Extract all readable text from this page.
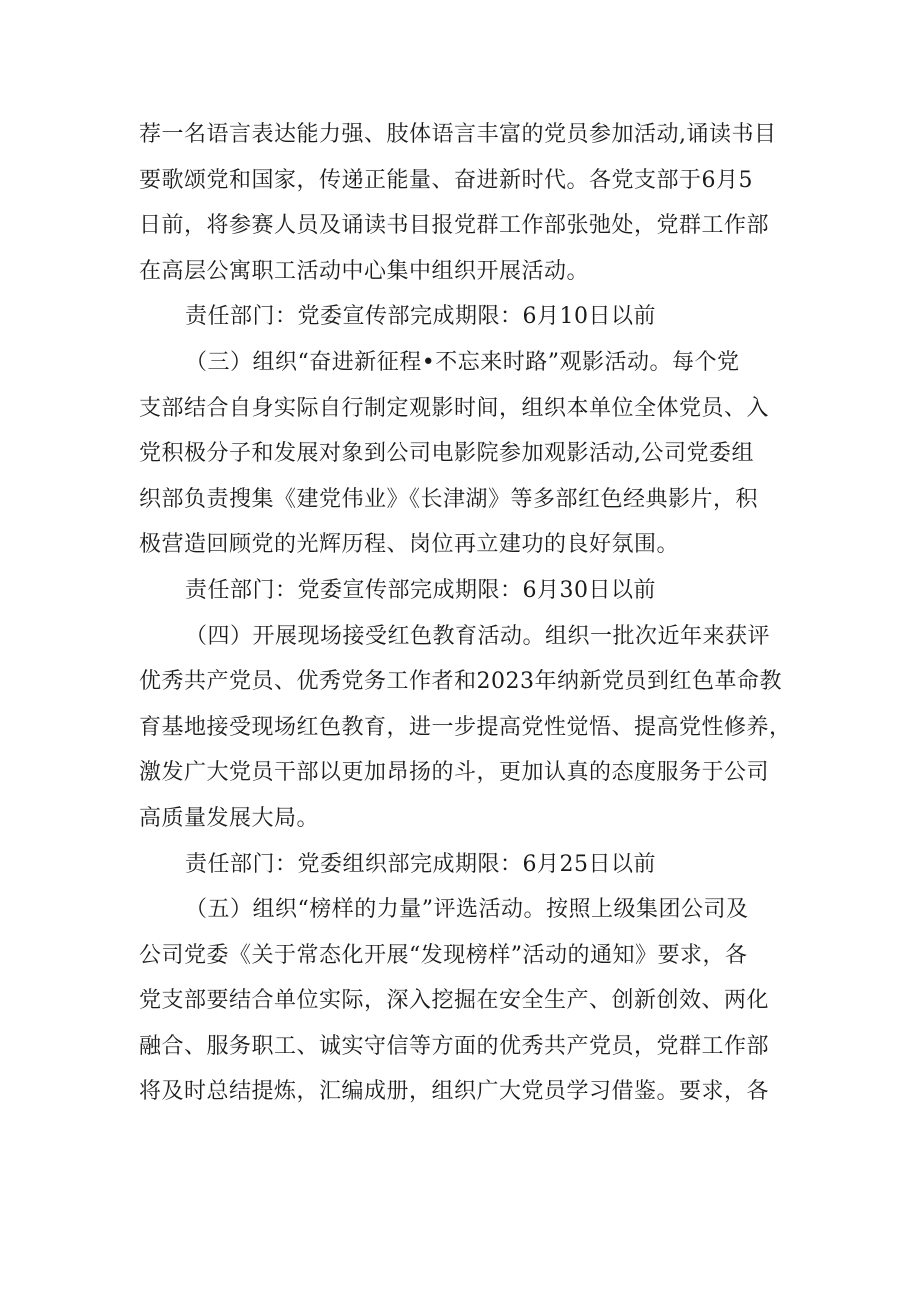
荐一名语言表达能力强、肢体语言丰富的党员参加活动,诵读书目
要歌颂党和国家，传递正能量、奋进新时代。各党支部于6月5
日前，将参赛人员及诵读书目报党群工作部张弛处，党群工作部
在高层公寓职工活动中心集中组织开展活动。
责任部门：党委宣传部完成期限：6月10日以前
（三）组织“奋进新征程•不忘来时路”观影活动。每个党
支部结合自身实际自行制定观影时间，组织本单位全体党员、入
党积极分子和发展对象到公司电影院参加观影活动,公司党委组
织部负责搜集《建党伟业》《长津湖》等多部红色经典影片，积
极营造回顾党的光辉历程、岗位再立建功的良好氛围。
责任部门：党委宣传部完成期限：6月30日以前
（四）开展现场接受红色教育活动。组织一批次近年来获评
优秀共产党员、优秀党务工作者和2023年纳新党员到红色革命教
育基地接受现场红色教育，进一步提高党性觉悟、提高党性修养，
激发广大党员干部以更加昂扬的斗，更加认真的态度服务于公司
高质量发展大局。
责任部门：党委组织部完成期限：6月25日以前
（五）组织“榜样的力量”评选活动。按照上级集团公司及
公司党委《关于常态化开展“发现榜样”活动的通知》要求，各
党支部要结合单位实际，深入挖掘在安全生产、创新创效、两化
融合、服务职工、诚实守信等方面的优秀共产党员，党群工作部
将及时总结提炼，汇编成册，组织广大党员学习借鉴。要求，各
